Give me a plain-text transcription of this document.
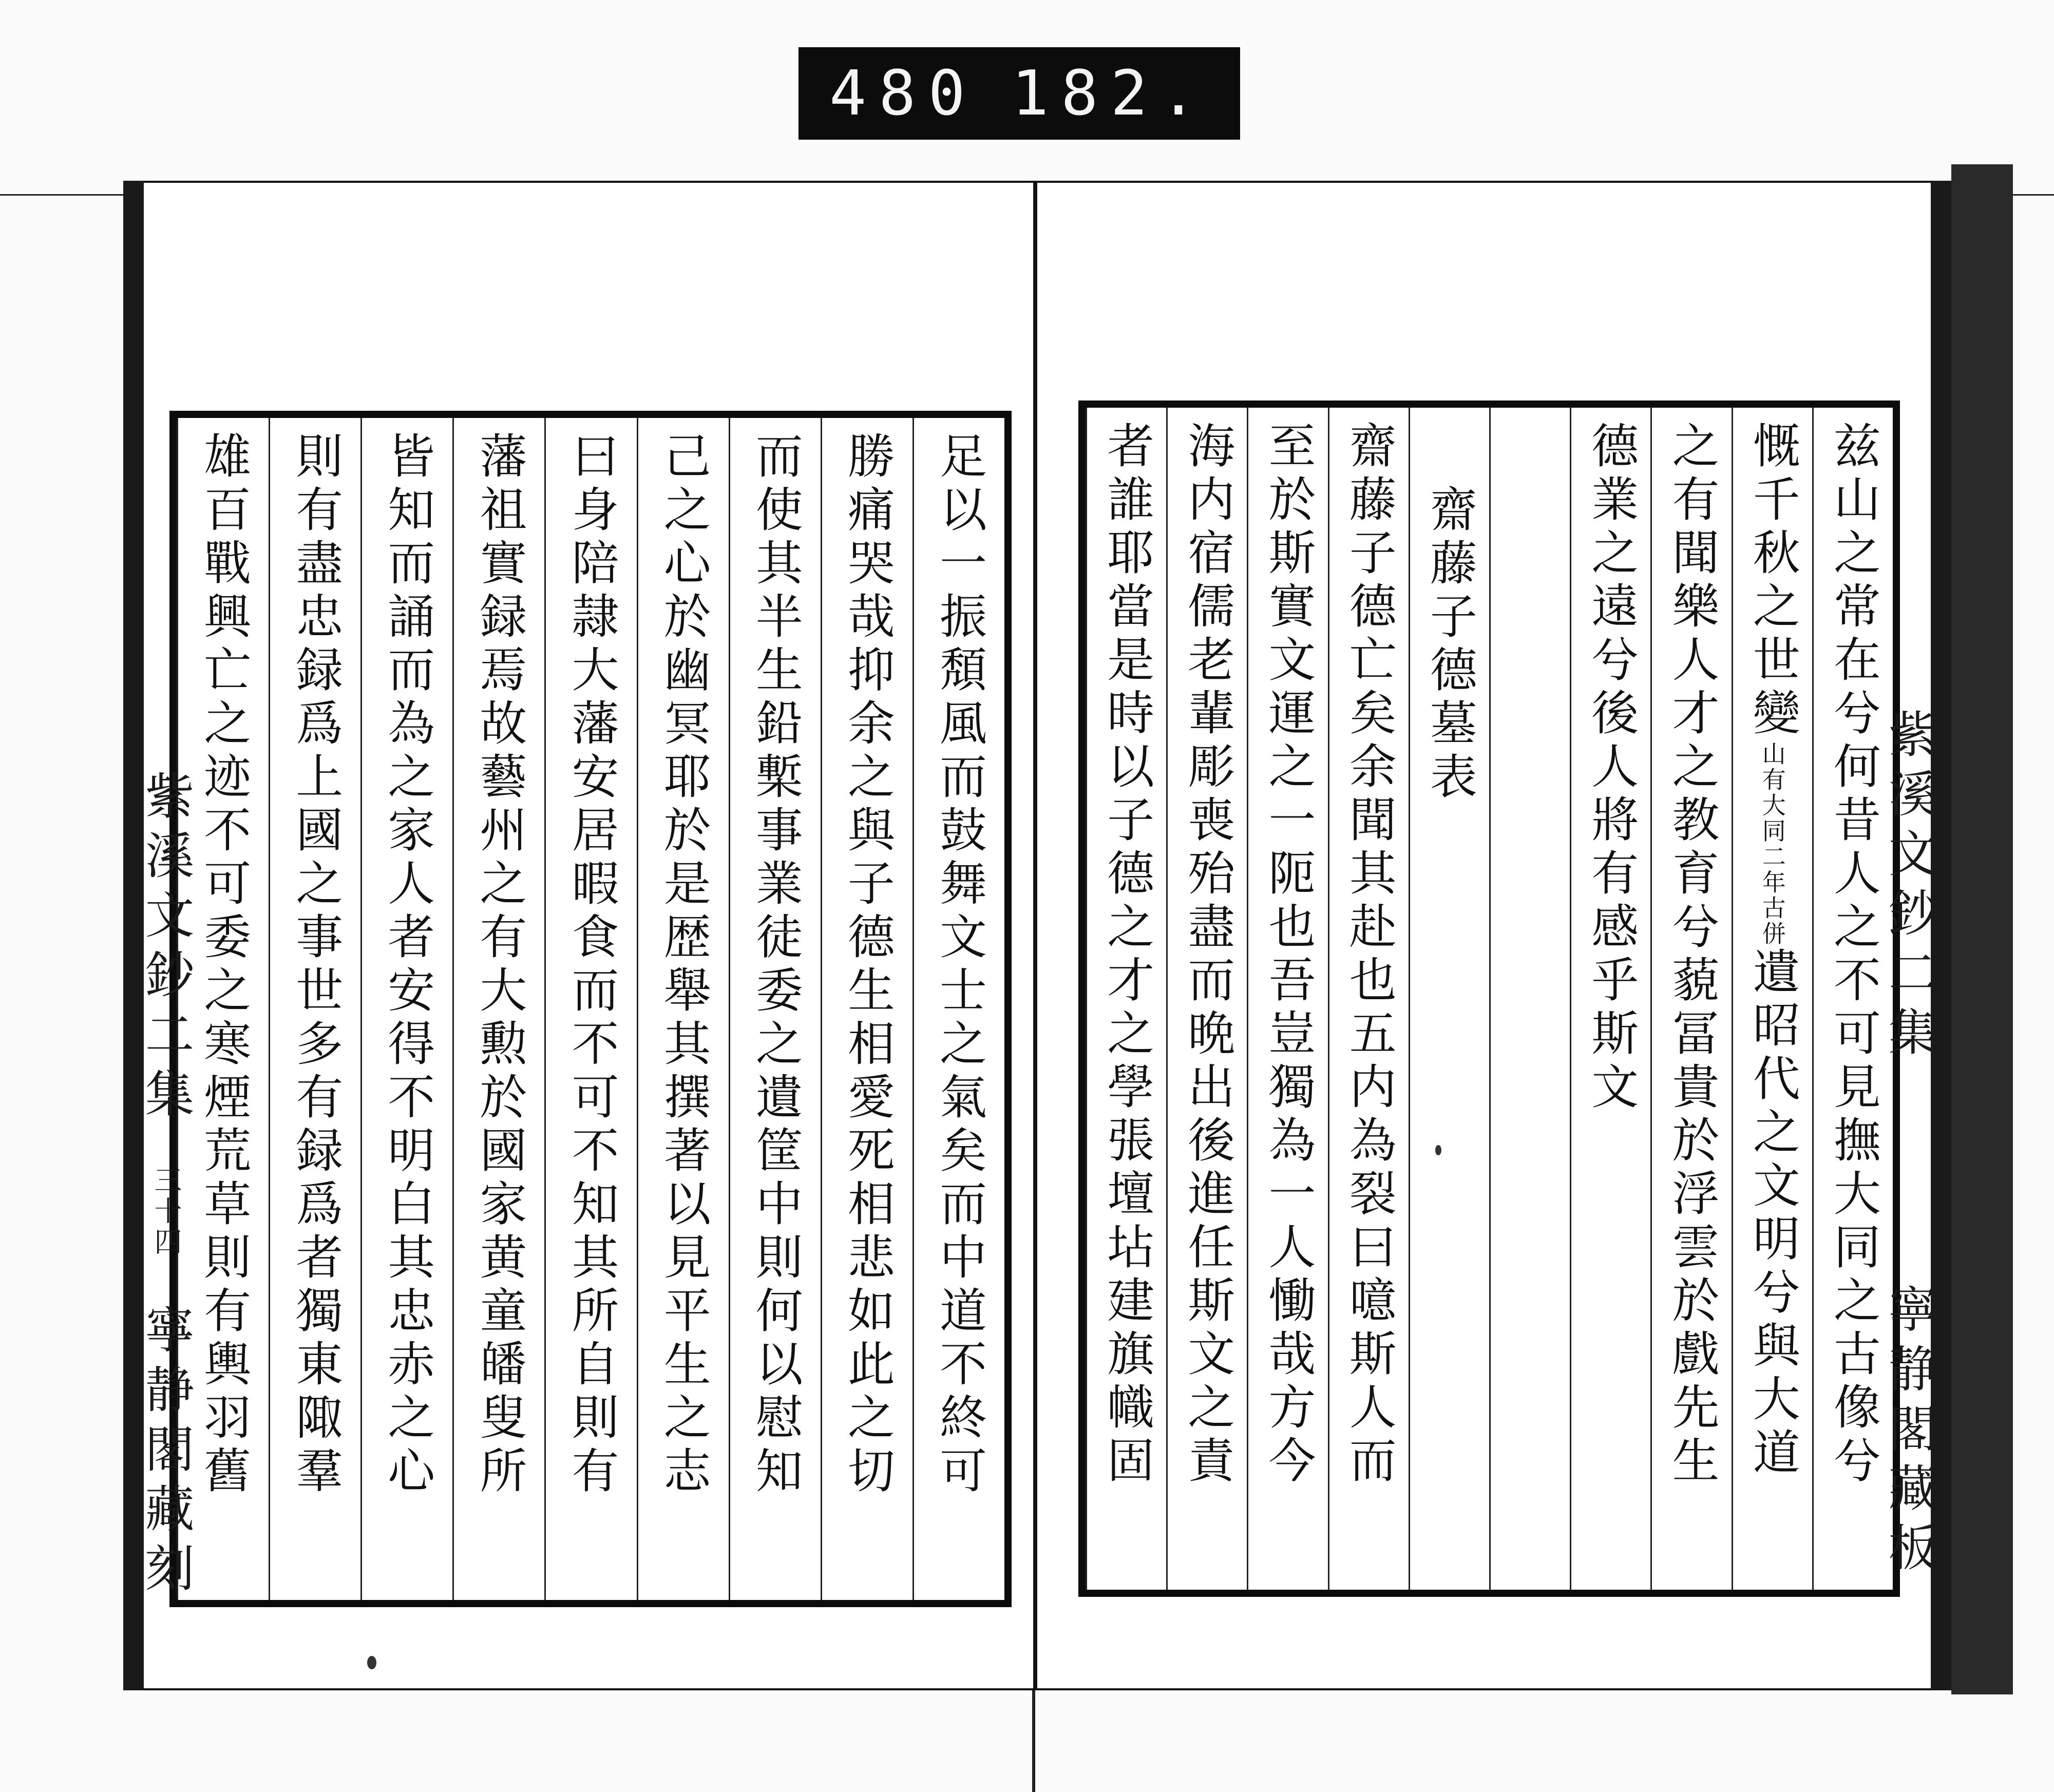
480 182.
兹山之常在兮何昔人之不可見撫大同之古像兮
慨千秋之世變
山有大同二年古併
遺昭代之文明兮與大道
之有聞樂人才之教育兮藐冨貴於浮雲於戲先生
德業之遠兮後人將有感乎斯文
齋藤子德墓表
齋藤子德亡矣余聞其赴也五内為裂曰噫斯人而
至於斯實文運之一阨也吾豈獨為一人慟哉方今
海内宿儒老輩彫喪殆盡而晩出後進任斯文之責
者誰耶當是時以子德之才之學張壇坫建旗幟固	紫溪文鈔二集
寧静閣藏板
足以一振頽風而鼓舞文士之氣矣而中道不終可
勝痛哭哉抑余之與子德生相愛死相悲如此之切
而使其半生鉛槧事業徒委之遺筐中則何以慰知
己之心於幽冥耶於是歴舉其撰著以見平生之志
曰身陪隷大藩安居暇食而不可不知其所自則有
藩祖實録焉故藝州之有大勲於國家黄童皤叟所
皆知而誦而為之家人者安得不明白其忠赤之心
則有盡忠録爲上國之事世多有録爲者獨東陬羣
雄百戰興亡之迹不可委之寒煙荒草則有輿羽舊
紫溪文鈔二集
三十四
寧静閣藏刻
